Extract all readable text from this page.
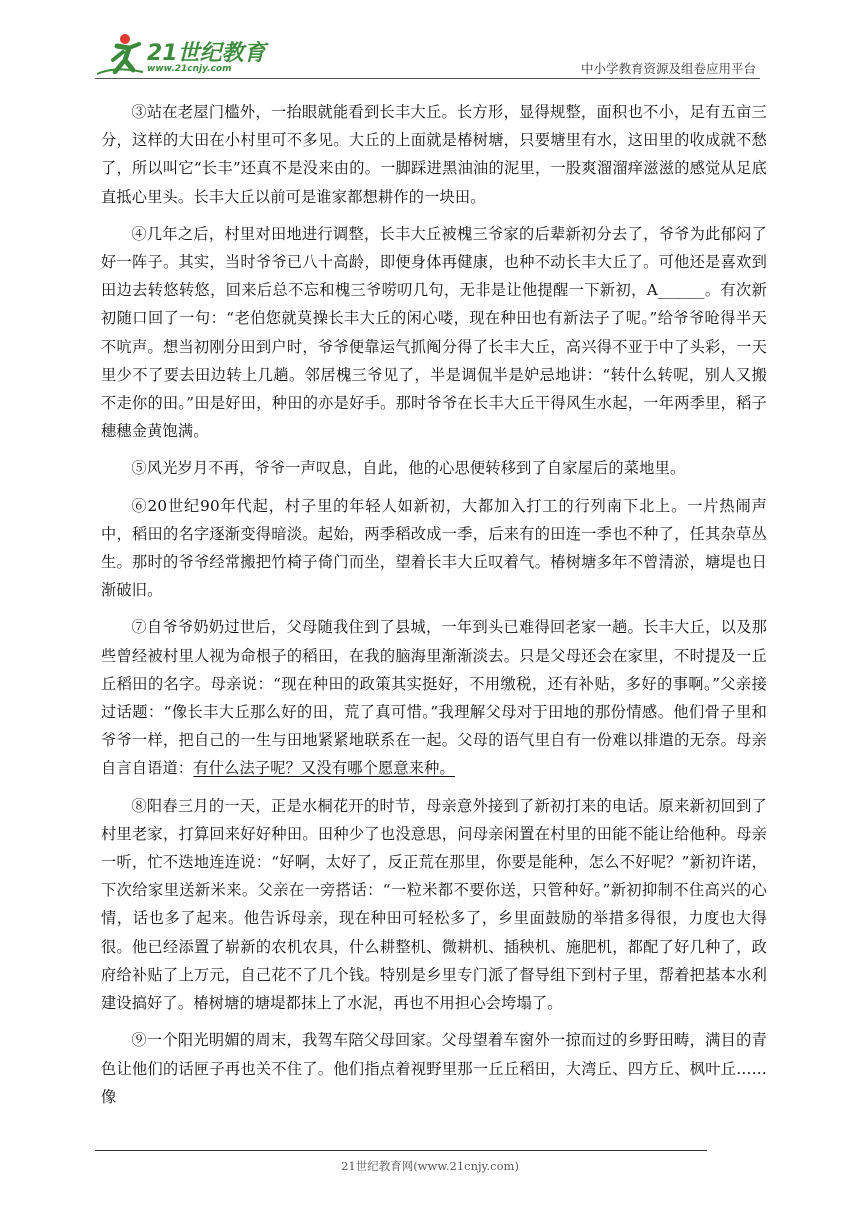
21世纪教育
www.21cnjy.com	中小学教育资源及组卷应用平台

③站在老屋门槛外，一抬眼就能看到长丰大丘。长方形，显得规整，面积也不小，足有五亩三分，这样的大田在小村里可不多见。大丘的上面就是椿树塘，只要塘里有水，这田里的收成就不愁了，所以叫它“长丰”还真不是没来由的。一脚踩进黑油油的泥里，一股爽溜溜痒滋滋的感觉从足底直抵心里头。长丰大丘以前可是谁家都想耕作的一块田。

④几年之后，村里对田地进行调整，长丰大丘被槐三爷家的后辈新初分去了，爷爷为此郁闷了好一阵子。其实，当时爷爷已八十高龄，即便身体再健康，也种不动长丰大丘了。可他还是喜欢到田边去转悠转悠，回来后总不忘和槐三爷唠叨几句，无非是让他提醒一下新初，A______。有次新初随口回了一句：“老伯您就莫操长丰大丘的闲心喽，现在种田也有新法子了呢。”给爷爷呛得半天不吭声。想当初刚分田到户时，爷爷便靠运气抓阄分得了长丰大丘，高兴得不亚于中了头彩，一天里少不了要去田边转上几趟。邻居槐三爷见了，半是调侃半是妒忌地讲：“转什么转呢，别人又搬不走你的田。”田是好田，种田的亦是好手。那时爷爷在长丰大丘干得风生水起，一年两季里，稻子穗穗金黄饱满。

⑤风光岁月不再，爷爷一声叹息，自此，他的心思便转移到了自家屋后的菜地里。

⑥20世纪90年代起，村子里的年轻人如新初，大都加入打工的行列南下北上。一片热闹声中，稻田的名字逐渐变得暗淡。起始，两季稻改成一季，后来有的田连一季也不种了，任其杂草丛生。那时的爷爷经常搬把竹椅子倚门而坐，望着长丰大丘叹着气。椿树塘多年不曾清淤，塘堤也日渐破旧。

⑦自爷爷奶奶过世后，父母随我住到了县城，一年到头已难得回老家一趟。长丰大丘，以及那些曾经被村里人视为命根子的稻田，在我的脑海里渐渐淡去。只是父母还会在家里，不时提及一丘丘稻田的名字。母亲说：“现在种田的政策其实挺好，不用缴税，还有补贴，多好的事啊。”父亲接过话题：“像长丰大丘那么好的田，荒了真可惜。”我理解父母对于田地的那份情感。他们骨子里和爷爷一样，把自己的一生与田地紧紧地联系在一起。父母的语气里自有一份难以排遣的无奈。母亲自言自语道：有什么法子呢？又没有哪个愿意来种。

⑧阳春三月的一天，正是水桐花开的时节，母亲意外接到了新初打来的电话。原来新初回到了村里老家，打算回来好好种田。田种少了也没意思，问母亲闲置在村里的田能不能让给他种。母亲一听，忙不迭地连连说：“好啊，太好了，反正荒在那里，你要是能种，怎么不好呢？”新初许诺，下次给家里送新米来。父亲在一旁搭话：“一粒米都不要你送，只管种好。”新初抑制不住高兴的心情，话也多了起来。他告诉母亲，现在种田可轻松多了，乡里面鼓励的举措多得很，力度也大得很。他已经添置了崭新的农机农具，什么耕整机、微耕机、插秧机、施肥机，都配了好几种了，政府给补贴了上万元，自己花不了几个钱。特别是乡里专门派了督导组下到村子里，帮着把基本水利建设搞好了。椿树塘的塘堤都抹上了水泥，再也不用担心会垮塌了。

⑨一个阳光明媚的周末，我驾车陪父母回家。父母望着车窗外一掠而过的乡野田畴，满目的青色让他们的话匣子再也关不住了。他们指点着视野里那一丘丘稻田，大湾丘、四方丘、枫叶丘……像

21世纪教育网(www.21cnjy.com)
